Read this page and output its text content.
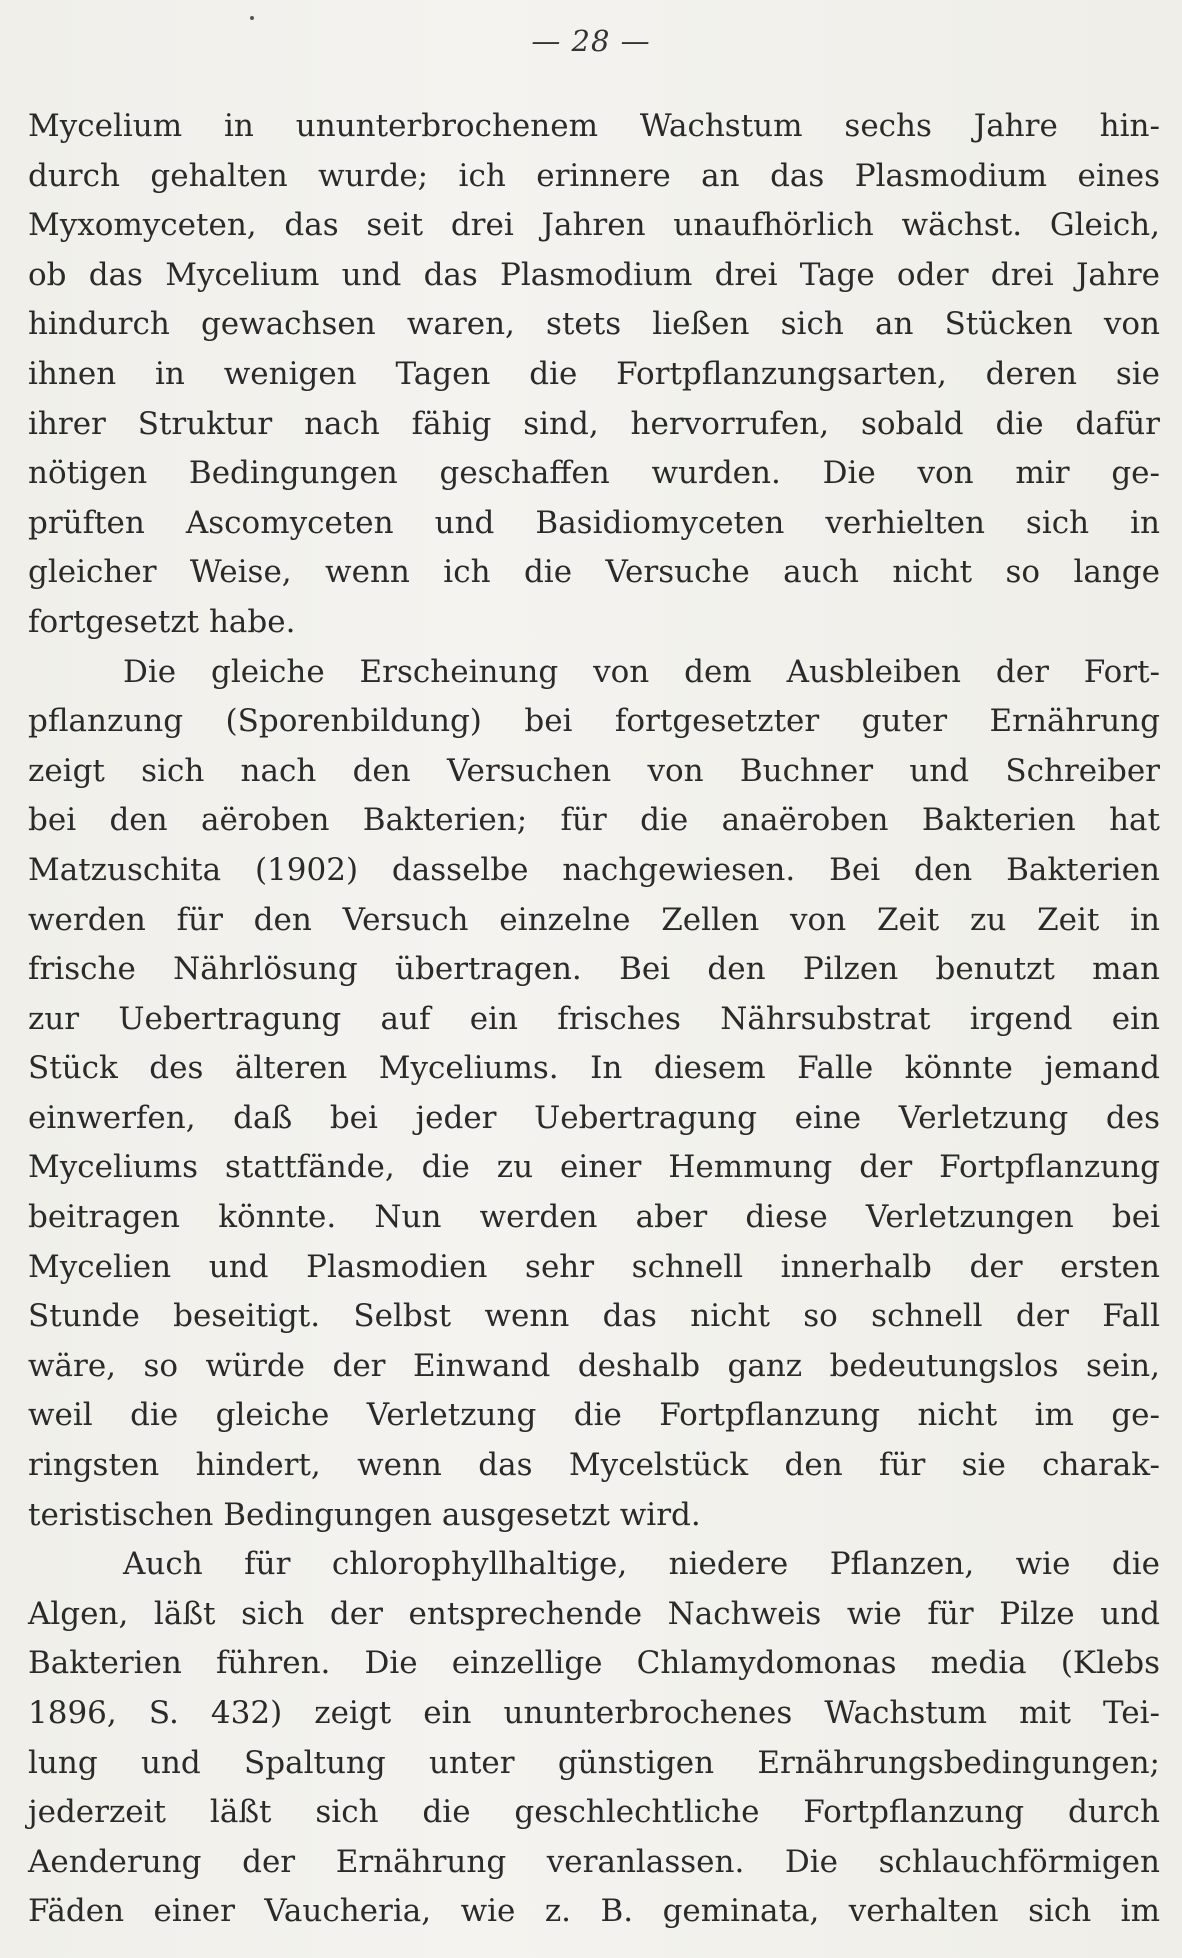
— 28 —
Mycelium in ununterbrochenem Wachstum sechs Jahre hin-
durch gehalten wurde; ich erinnere an das Plasmodium eines
Myxomyceten, das seit drei Jahren unaufhörlich wächst. Gleich,
ob das Mycelium und das Plasmodium drei Tage oder drei Jahre
hindurch gewachsen waren, stets ließen sich an Stücken von
ihnen in wenigen Tagen die Fortpflanzungsarten, deren sie
ihrer Struktur nach fähig sind, hervorrufen, sobald die dafür
nötigen Bedingungen geschaffen wurden. Die von mir ge-
prüften Ascomyceten und Basidiomyceten verhielten sich in
gleicher Weise, wenn ich die Versuche auch nicht so lange
fortgesetzt habe.
Die gleiche Erscheinung von dem Ausbleiben der Fort-
pflanzung (Sporenbildung) bei fortgesetzter guter Ernährung
zeigt sich nach den Versuchen von Buchner und Schreiber
bei den aëroben Bakterien; für die anaëroben Bakterien hat
Matzuschita (1902) dasselbe nachgewiesen. Bei den Bakterien
werden für den Versuch einzelne Zellen von Zeit zu Zeit in
frische Nährlösung übertragen. Bei den Pilzen benutzt man
zur Uebertragung auf ein frisches Nährsubstrat irgend ein
Stück des älteren Myceliums. In diesem Falle könnte jemand
einwerfen, daß bei jeder Uebertragung eine Verletzung des
Myceliums stattfände, die zu einer Hemmung der Fortpflanzung
beitragen könnte. Nun werden aber diese Verletzungen bei
Mycelien und Plasmodien sehr schnell innerhalb der ersten
Stunde beseitigt. Selbst wenn das nicht so schnell der Fall
wäre, so würde der Einwand deshalb ganz bedeutungslos sein,
weil die gleiche Verletzung die Fortpflanzung nicht im ge-
ringsten hindert, wenn das Mycelstück den für sie charak-
teristischen Bedingungen ausgesetzt wird.
Auch für chlorophyllhaltige, niedere Pflanzen, wie die
Algen, läßt sich der entsprechende Nachweis wie für Pilze und
Bakterien führen. Die einzellige Chlamydomonas media (Klebs
1896, S. 432) zeigt ein ununterbrochenes Wachstum mit Tei-
lung und Spaltung unter günstigen Ernährungsbedingungen;
jederzeit läßt sich die geschlechtliche Fortpflanzung durch
Aenderung der Ernährung veranlassen. Die schlauchförmigen
Fäden einer Vaucheria, wie z. B. geminata, verhalten sich im
